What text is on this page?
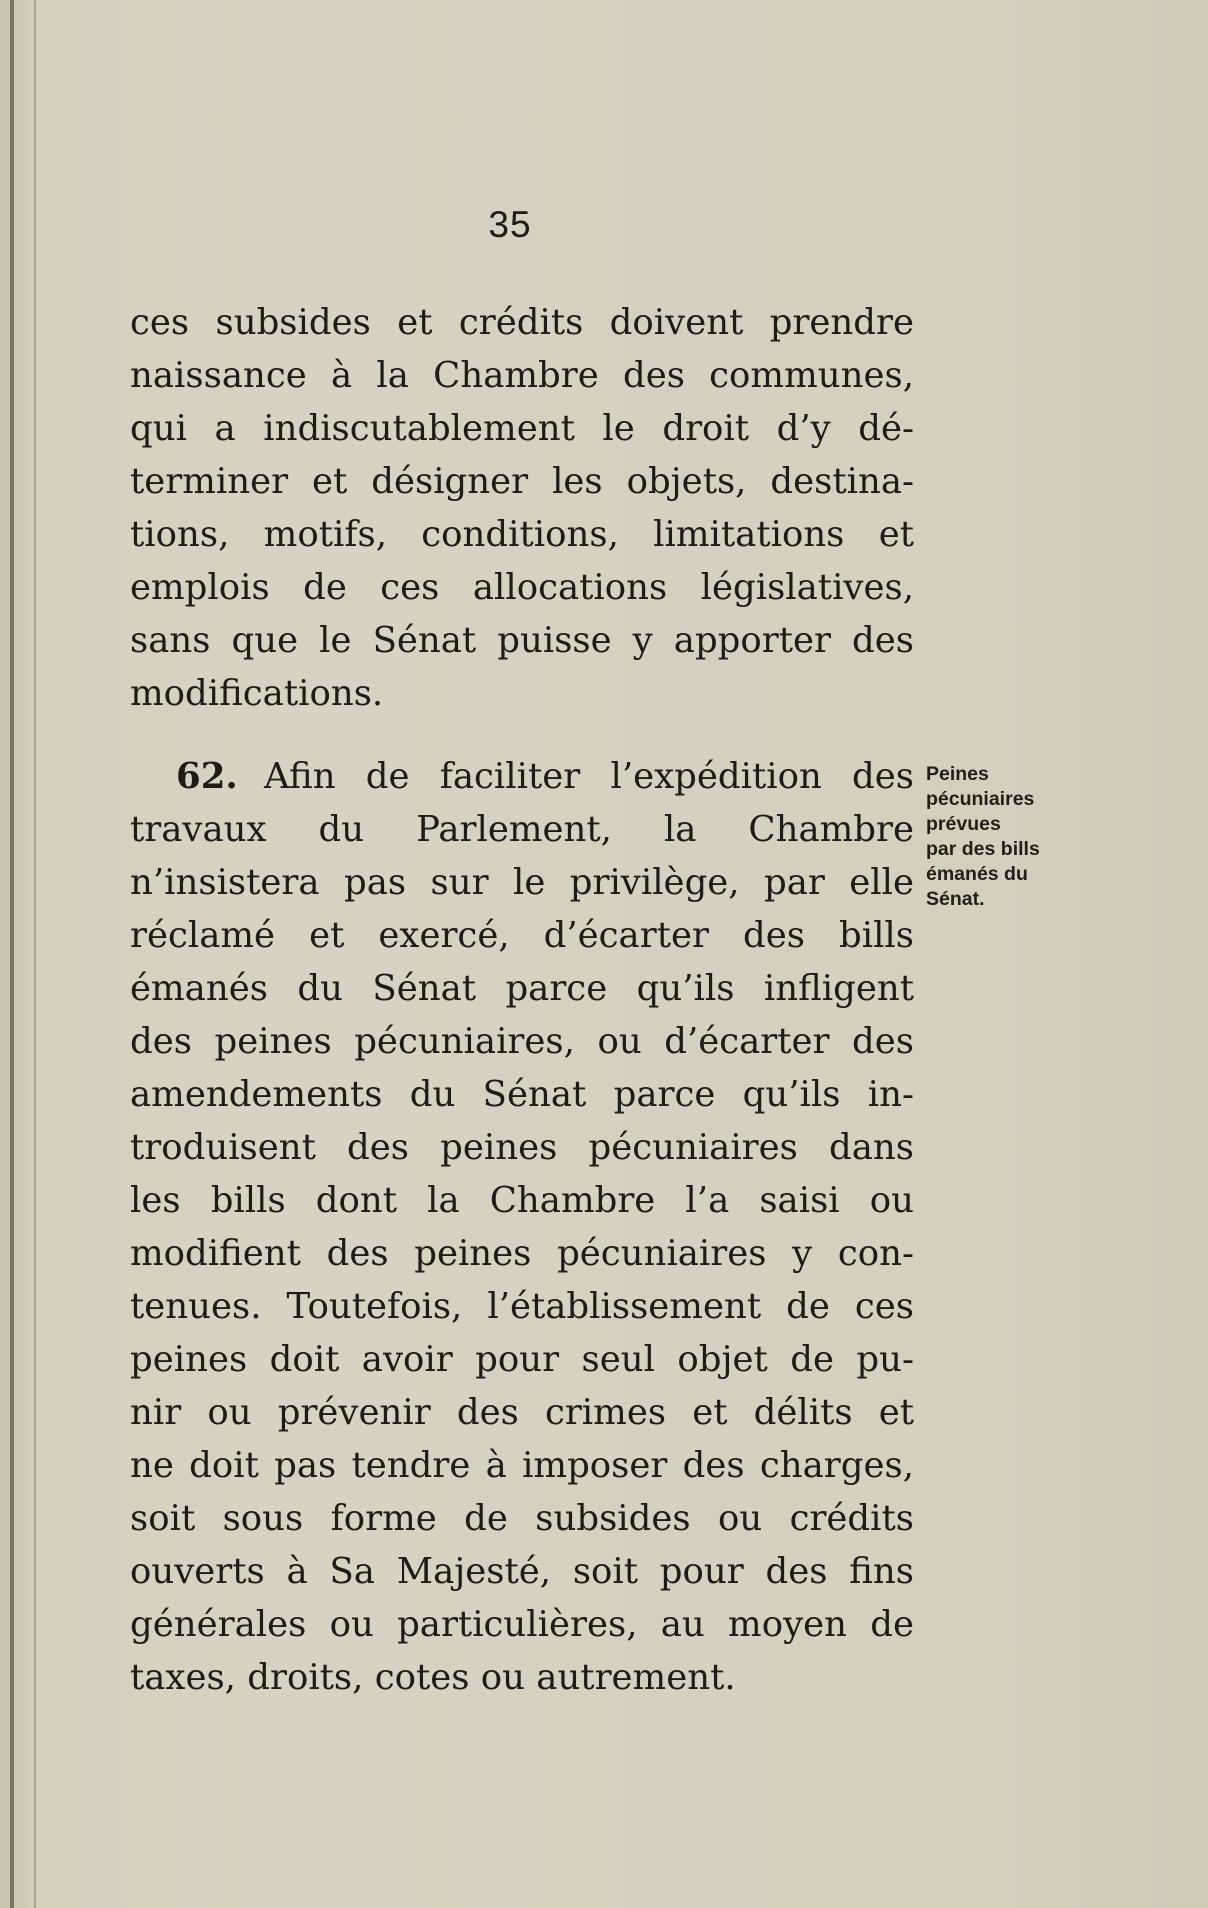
35
ces subsides et crédits doivent prendre
naissance à la Chambre des communes,
qui a indiscutablement le droit d’y dé-
terminer et désigner les objets, destina-
tions, motifs, conditions, limitations et
emplois de ces allocations législatives,
sans que le Sénat puisse y apporter des
modifications.
62. Afin de faciliter l’expédition des
travaux du Parlement, la Chambre
n’insistera pas sur le privilège, par elle
réclamé et exercé, d’écarter des bills
émanés du Sénat parce qu’ils infligent
des peines pécuniaires, ou d’écarter des
amendements du Sénat parce qu’ils in-
troduisent des peines pécuniaires dans
les bills dont la Chambre l’a saisi ou
modifient des peines pécuniaires y con-
tenues. Toutefois, l’établissement de ces
peines doit avoir pour seul objet de pu-
nir ou prévenir des crimes et délits et
ne doit pas tendre à imposer des charges,
soit sous forme de subsides ou crédits
ouverts à Sa Majesté, soit pour des fins
générales ou particulières, au moyen de
taxes, droits, cotes ou autrement.
Peines
pécuniaires
prévues
par des bills
émanés du
Sénat.
